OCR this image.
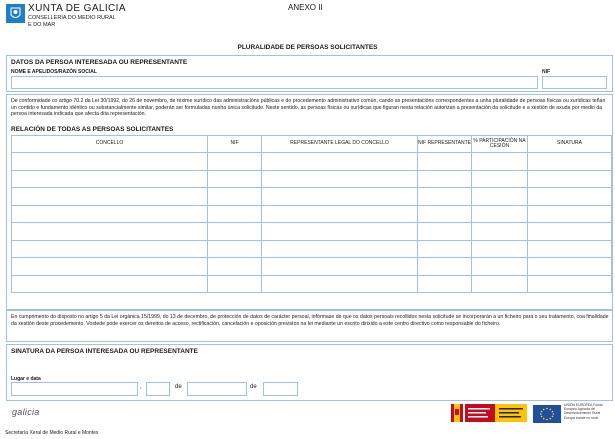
XUNTA DE GALICIA
CONSELLERÍA DO MEDIO RURAL
E DO MAR
ANEXO II
PLURALIDADE DE PERSOAS SOLICITANTES
DATOS DA PERSOA INTERESADA OU REPRESENTANTE
NOME E APELIDOS/RAZÓN SOCIAL	NIF
De conformidade co artigo 70.2 da Lei 30/1992, do 26 de novembro, de réxime xurídico das administracións públicas e do procedemento administrativo común, cando as presentacións correspondentes a unha pluralidade de persoas físicas ou xurídicas teñan un contido e fundamento idéntico ou substancialmente similar, poderán ser formuladas nunha única solicitude. Neste sentido, as persoas físicas ou xurídicas que figuran nesta relación autorizan a presentación da solicitude e a xestión de axuda por medio da persoa interesada indicada que afecta dita representación.
RELACIÓN DE TODAS AS PERSOAS SOLICITANTES
CONCELLO	NIF	REPRESENTANTE LEGAL DO CONCELLO	NIF REPRESENTANTE	% PARTICIPACIÓN NA CESIÓN	SINATURA

En cumprimento do disposto no artigo 5 da Lei orgánica 15/1999, do 13 de decembro, de protección de datos de carácter persoal, infórmase de que os datos persoais recollidos nesta solicitude se incorporarán a un ficheiro para o seu tratamento, coa finalidade da xestión deste procedemento. Vostede pode exercer os dereitos de acceso, rectificación, cancelación e oposición previstos na lei mediante un escrito dirixido a este centro directivo como responsable do ficheiro.
SINATURA DA PERSOA INTERESADA OU REPRESENTANTE
Lugar e data
,	de	de
galicia
Secretaría Xeral de Medio Rural e Montes
UNIÓN EUROPEA Fondo Europeo Agrícola de Desenvolvemento Rural Europa inviste no rural
